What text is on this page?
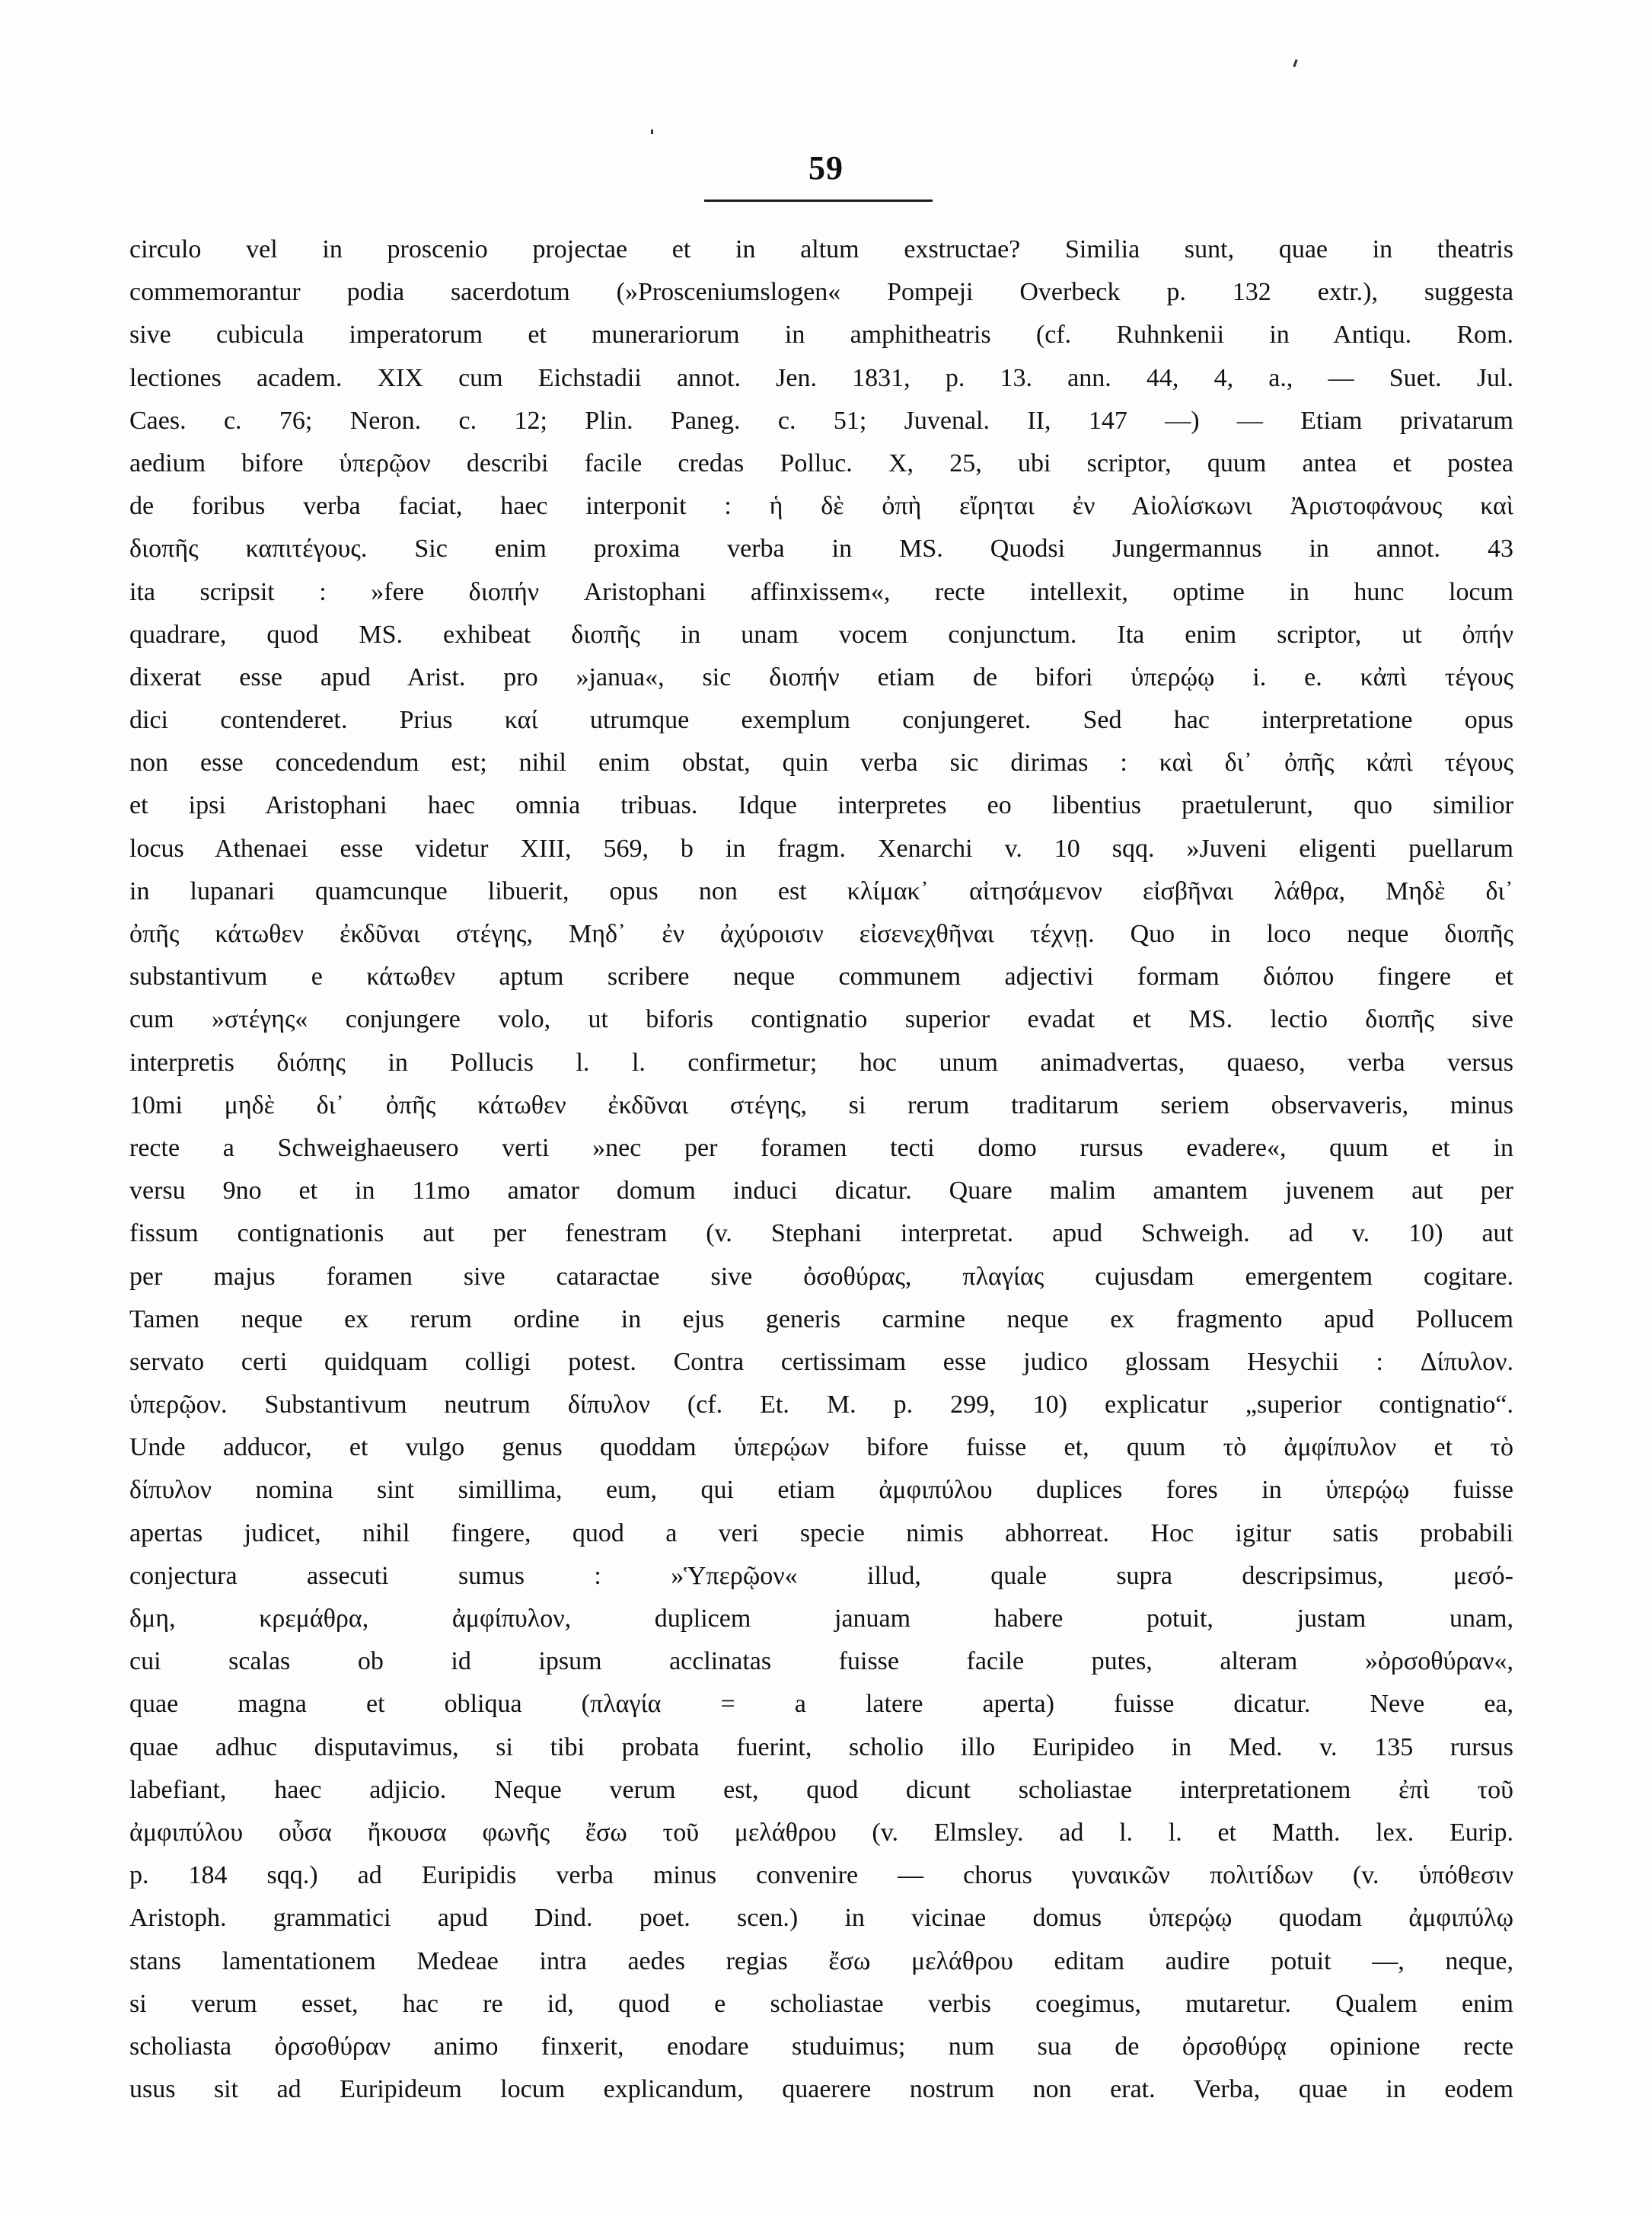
59
circulo vel in proscenio projectae et in altum exstructae? Similia sunt, quae in theatris
commemorantur podia sacerdotum (»Prosceniumslogen« Pompeji Overbeck p. 132 extr.), suggesta
sive cubicula imperatorum et munerariorum in amphitheatris (cf. Ruhnkenii in Antiqu. Rom.
lectiones academ. XIX cum Eichstadii annot. Jen. 1831, p. 13. ann. 44, 4, a., — Suet. Jul.
Caes. c. 76; Neron. c. 12; Plin. Paneg. c. 51; Juvenal. II, 147 —) — Etiam privatarum
aedium bifore ὑπερῷον describi facile credas Polluc. X, 25, ubi scriptor, quum antea et postea
de foribus verba faciat, haec interponit : ἡ δὲ ὀπὴ εἴρηται ἐν Αἰολίσκωνι Ἀριστοφάνους καὶ
διοπῆς καπιτέγους. Sic enim proxima verba in MS. Quodsi Jungermannus in annot. 43
ita scripsit : »fere διοπήν Aristophani affinxissem«, recte intellexit, optime in hunc locum
quadrare, quod MS. exhibeat διοπῆς in unam vocem conjunctum. Ita enim scriptor, ut ὀπήν
dixerat esse apud Arist. pro »janua«, sic διοπήν etiam de bifori ὑπερῴῳ i. e. κἀπὶ τέγους
dici contenderet. Prius καί utrumque exemplum conjungeret. Sed hac interpretatione opus
non esse concedendum est; nihil enim obstat, quin verba sic dirimas : καὶ δι᾽ ὀπῆς κἀπὶ τέγους
et ipsi Aristophani haec omnia tribuas. Idque interpretes eo libentius praetulerunt, quo similior
locus Athenaei esse videtur XIII, 569, b in fragm. Xenarchi v. 10 sqq. »Juveni eligenti puellarum
in lupanari quamcunque libuerit, opus non est κλίμακ᾽ αἰτησάμενον εἰσβῆναι λάθρα, Μηδὲ δι᾽
ὀπῆς κάτωθεν ἐκδῦναι στέγης, Μηδ᾽ ἐν ἀχύροισιν εἰσενεχθῆναι τέχνῃ. Quo in loco neque διοπῆς
substantivum e κάτωθεν aptum scribere neque communem adjectivi formam διόπου fingere et
cum »στέγης« conjungere volo, ut biforis contignatio superior evadat et MS. lectio διοπῆς sive
interpretis διόπης in Pollucis l. l. confirmetur; hoc unum animadvertas, quaeso, verba versus
10mi μηδὲ δι᾽ ὀπῆς κάτωθεν ἐκδῦναι στέγης, si rerum traditarum seriem observaveris, minus
recte a Schweighaeusero verti »nec per foramen tecti domo rursus evadere«, quum et in
versu 9no et in 11mo amator domum induci dicatur. Quare malim amantem juvenem aut per
fissum contignationis aut per fenestram (v. Stephani interpretat. apud Schweigh. ad v. 10) aut
per majus foramen sive cataractae sive ὀσοθύρας, πλαγίας cujusdam emergentem cogitare.
Tamen neque ex rerum ordine in ejus generis carmine neque ex fragmento apud Pollucem
servato certi quidquam colligi potest. Contra certissimam esse judico glossam Hesychii : Δίπυλον.
ὑπερῷον. Substantivum neutrum δίπυλον (cf. Et. M. p. 299, 10) explicatur „superior contignatio“.
Unde adducor, et vulgo genus quoddam ὑπερῴων bifore fuisse et, quum τὸ ἀμφίπυλον et τὸ
δίπυλον nomina sint simillima, eum, qui etiam ἀμφιπύλου duplices fores in ὑπερῴῳ fuisse
apertas judicet, nihil fingere, quod a veri specie nimis abhorreat. Hoc igitur satis probabili
conjectura assecuti sumus : »Ὑπερῷον« illud, quale supra descripsimus, μεσό-
δμη, κρεμάθρα, ἀμφίπυλον, duplicem januam habere potuit, justam unam,
cui scalas ob id ipsum acclinatas fuisse facile putes, alteram »ὀρσοθύραν«,
quae magna et obliqua (πλαγία = a latere aperta) fuisse dicatur. Neve ea,
quae adhuc disputavimus, si tibi probata fuerint, scholio illo Euripideo in Med. v. 135 rursus
labefiant, haec adjicio. Neque verum est, quod dicunt scholiastae interpretationem ἐπὶ τοῦ
ἀμφιπύλου οὖσα ἤκουσα φωνῆς ἔσω τοῦ μελάθρου (v. Elmsley. ad l. l. et Matth. lex. Eurip.
p. 184 sqq.) ad Euripidis verba minus convenire — chorus γυναικῶν πολιτίδων (v. ὑπόθεσιν
Aristoph. grammatici apud Dind. poet. scen.) in vicinae domus ὑπερῴῳ quodam ἀμφιπύλῳ
stans lamentationem Medeae intra aedes regias ἔσω μελάθρου editam audire potuit —, neque,
si verum esset, hac re id, quod e scholiastae verbis coegimus, mutaretur. Qualem enim
scholiasta ὀρσοθύραν animo finxerit, enodare studuimus; num sua de ὀρσοθύρᾳ opinione recte
usus sit ad Euripideum locum explicandum, quaerere nostrum non erat. Verba, quae in eodem
